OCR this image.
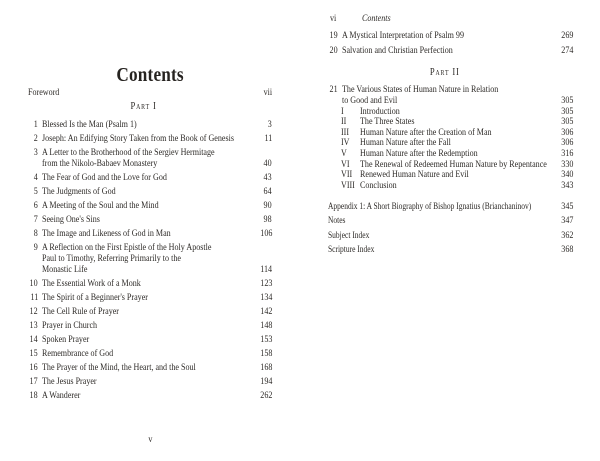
Contents
Foreword	vii
Part I
1 Blessed Is the Man (Psalm 1)	3
2 Joseph: An Edifying Story Taken from the Book of Genesis	11
3 A Letter to the Brotherhood of the Sergiev Hermitage
from the Nikolo-Babaev Monastery	40
4 The Fear of God and the Love for God	43
5 The Judgments of God	64
6 A Meeting of the Soul and the Mind	90
7 Seeing One's Sins	98
8 The Image and Likeness of God in Man	106
9 A Reflection on the First Epistle of the Holy Apostle
Paul to Timothy, Referring Primarily to the
Monastic Life	114
10 The Essential Work of a Monk	123
11 The Spirit of a Beginner's Prayer	134
12 The Cell Rule of Prayer	142
13 Prayer in Church	148
14 Spoken Prayer	153
15 Remembrance of God	158
16 The Prayer of the Mind, the Heart, and the Soul	168
17 The Jesus Prayer	194
18 A Wanderer	262
v
vi	Contents
19 A Mystical Interpretation of Psalm 99	269
20 Salvation and Christian Perfection	274
Part II
21 The Various States of Human Nature in Relation
to Good and Evil	305
I	Introduction	305
II	The Three States	305
III	Human Nature after the Creation of Man	306
IV	Human Nature after the Fall	306
V	Human Nature after the Redemption	316
VI	The Renewal of Redeemed Human Nature by Repentance	330
VII Renewed Human Nature and Evil	340
VIII Conclusion	343
Appendix 1: A Short Biography of Bishop Ignatius (Brianchaninov)	345
Notes	347
Subject Index	362
Scripture Index	368
